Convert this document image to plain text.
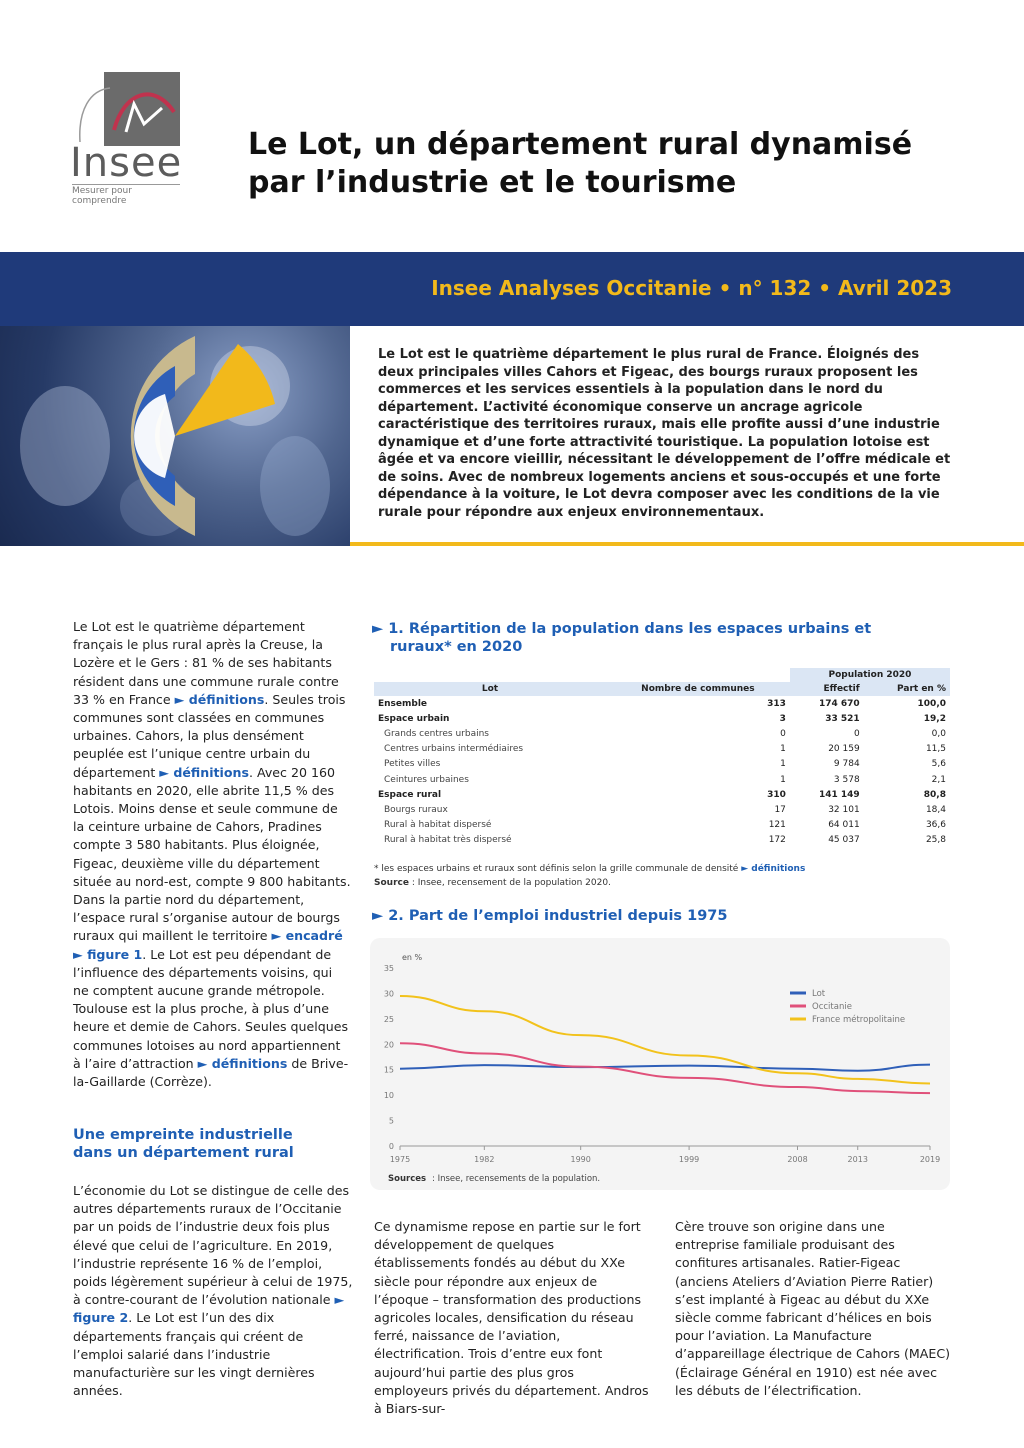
Insee
Mesurer pour comprendre
Le Lot, un département rural dynamisé par l’industrie et le tourisme
Insee Analyses Occitanie • n° 132 • Avril 2023

Le Lot est le quatrième département le plus rural de France. Éloignés des deux principales villes Cahors et Figeac, des bourgs ruraux proposent les commerces et les services essentiels à la population dans le nord du département. L’activité économique conserve un ancrage agricole caractéristique des territoires ruraux, mais elle profite aussi d’une industrie dynamique et d’une forte attractivité touristique. La population lotoise est âgée et va encore vieillir, nécessitant le développement de l’offre médicale et de soins. Avec de nombreux logements anciens et sous-occupés et une forte dépendance à la voiture, le Lot devra composer avec les conditions de la vie rurale pour répondre aux enjeux environnementaux.

Le Lot est le quatrième département français le plus rural après la Creuse, la Lozère et le Gers : 81 % de ses habitants résident dans une commune rurale contre 33 % en France ► définitions. Seules trois communes sont classées en communes urbaines. Cahors, la plus densément peuplée est l’unique centre urbain du département ► définitions. Avec 20 160 habitants en 2020, elle abrite 11,5 % des Lotois. Moins dense et seule commune de la ceinture urbaine de Cahors, Pradines compte 3 580 habitants. Plus éloignée, Figeac, deuxième ville du département située au nord-est, compte 9 800 habitants. Dans la partie nord du département, l’espace rural s’organise autour de bourgs ruraux qui maillent le territoire ► encadré ► figure 1. Le Lot est peu dépendant de l’influence des départements voisins, qui ne comptent aucune grande métropole. Toulouse est la plus proche, à plus d’une heure et demie de Cahors. Seules quelques communes lotoises au nord appartiennent à l’aire d’attraction ► définitions de Brive-la-Gaillarde (Corrèze).

Une empreinte industrielle dans un département rural

L’économie du Lot se distingue de celle des autres départements ruraux de l’Occitanie par un poids de l’industrie deux fois plus élevé que celui de l’agriculture. En 2019, l’industrie représente 16 % de l’emploi, poids légèrement supérieur à celui de 1975, à contre-courant de l’évolution nationale ► figure 2. Le Lot est l’un des dix départements français qui créent de l’emploi salarié dans l’industrie manufacturière sur les vingt dernières années.

► 1. Répartition de la population dans les espaces urbains et ruraux* en 2020
		Population 2020	
Lot	Nombre de communes	Effectif	Part en %
Ensemble	313	174 670	100,0
Espace urbain	3	33 521	19,2
Grands centres urbains	0	0	0,0
Centres urbains intermédiaires	1	20 159	11,5
Petites villes	1	9 784	5,6
Ceintures urbaines	1	3 578	2,1
Espace rural	310	141 149	80,8
Bourgs ruraux	17	32 101	18,4
Rural à habitat dispersé	121	64 011	36,6
Rural à habitat très dispersé	172	45 037	25,8
* les espaces urbains et ruraux sont définis selon la grille communale de densité ► définitions
Source : Insee, recensement de la population 2020.
► 2. Part de l’emploi industriel depuis 1975
en %
0
5
10
15
20
25
30
35
1975	1982	1990	1999	2008	2013	2019
Lot
Occitanie
France métropolitaine
Sources : Insee, recensements de la population.
Ce dynamisme repose en partie sur le fort développement de quelques établissements fondés au début du XXe siècle pour répondre aux enjeux de l’époque – transformation des productions agricoles locales, densification du réseau ferré, naissance de l’aviation, électrification. Trois d’entre eux font aujourd’hui partie des plus gros employeurs privés du département. Andros à Biars-sur-
Cère trouve son origine dans une entreprise familiale produisant des confitures artisanales. Ratier-Figeac (anciens Ateliers d’Aviation Pierre Ratier) s’est implanté à Figeac au début du XXe siècle comme fabricant d’hélices en bois pour l’aviation. La Manufacture d’appareillage électrique de Cahors (MAEC) (Éclairage Général en 1910) est née avec les débuts de l’électrification.
